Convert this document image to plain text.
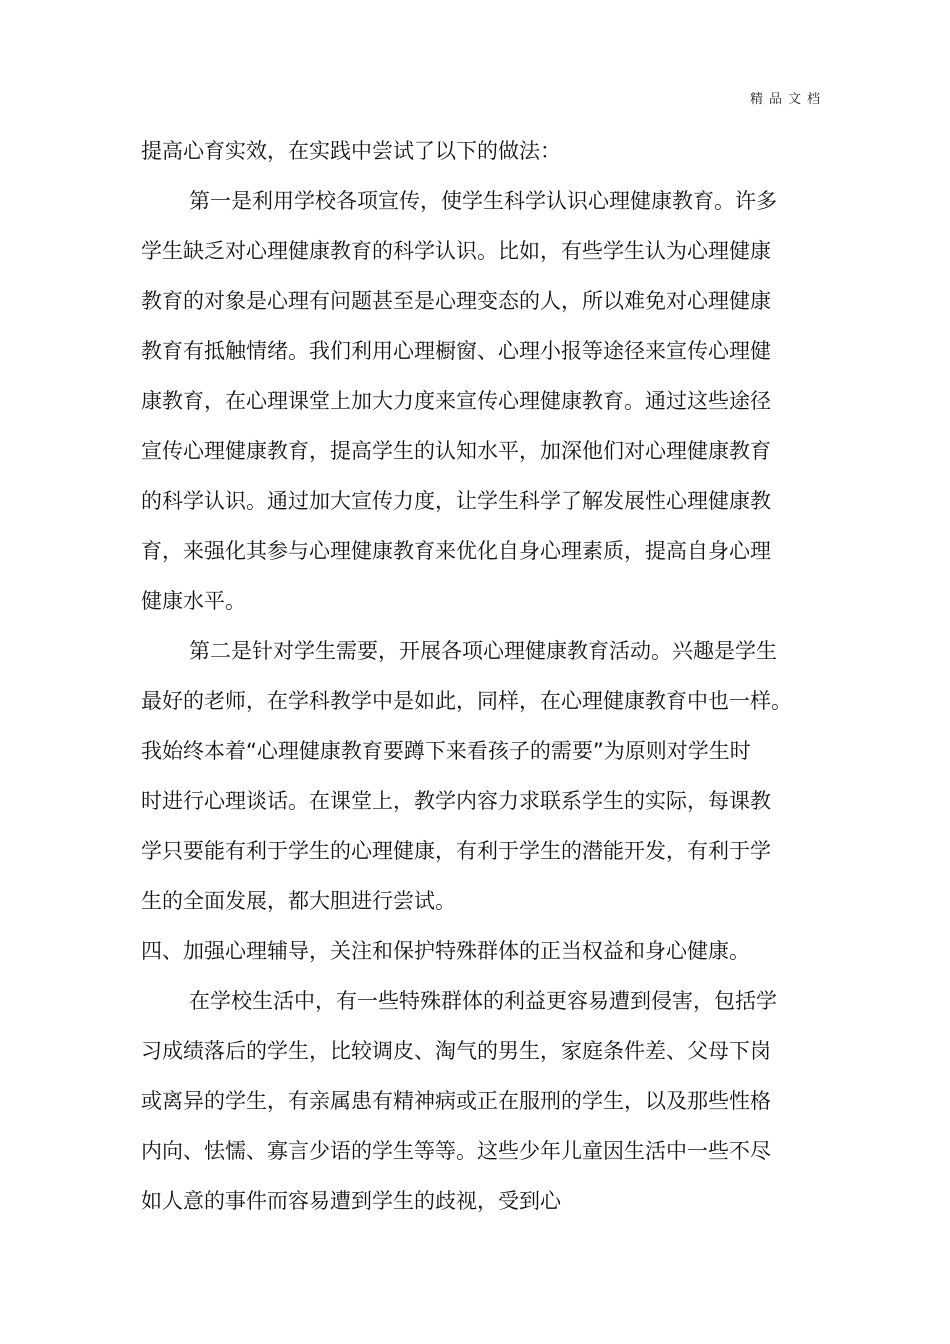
精品文档
提高心育实效，在实践中尝试了以下的做法：
第一是利用学校各项宣传，使学生科学认识心理健康教育。许多
学生缺乏对心理健康教育的科学认识。比如，有些学生认为心理健康
教育的对象是心理有问题甚至是心理变态的人，所以难免对心理健康
教育有抵触情绪。我们利用心理橱窗、心理小报等途径来宣传心理健
康教育，在心理课堂上加大力度来宣传心理健康教育。通过这些途径
宣传心理健康教育，提高学生的认知水平，加深他们对心理健康教育
的科学认识。通过加大宣传力度，让学生科学了解发展性心理健康教
育，来强化其参与心理健康教育来优化自身心理素质，提高自身心理
健康水平。
第二是针对学生需要，开展各项心理健康教育活动。兴趣是学生
最好的老师，在学科教学中是如此，同样，在心理健康教育中也一样。
我始终本着“心理健康教育要蹲下来看孩子的需要”为原则对学生时
时进行心理谈话。在课堂上，教学内容力求联系学生的实际，每课教
学只要能有利于学生的心理健康，有利于学生的潜能开发，有利于学
生的全面发展，都大胆进行尝试。
四、加强心理辅导，关注和保护特殊群体的正当权益和身心健康。
在学校生活中，有一些特殊群体的利益更容易遭到侵害，包括学
习成绩落后的学生，比较调皮、淘气的男生，家庭条件差、父母下岗
或离异的学生，有亲属患有精神病或正在服刑的学生，以及那些性格
内向、怯懦、寡言少语的学生等等。这些少年儿童因生活中一些不尽
如人意的事件而容易遭到学生的歧视，受到心
